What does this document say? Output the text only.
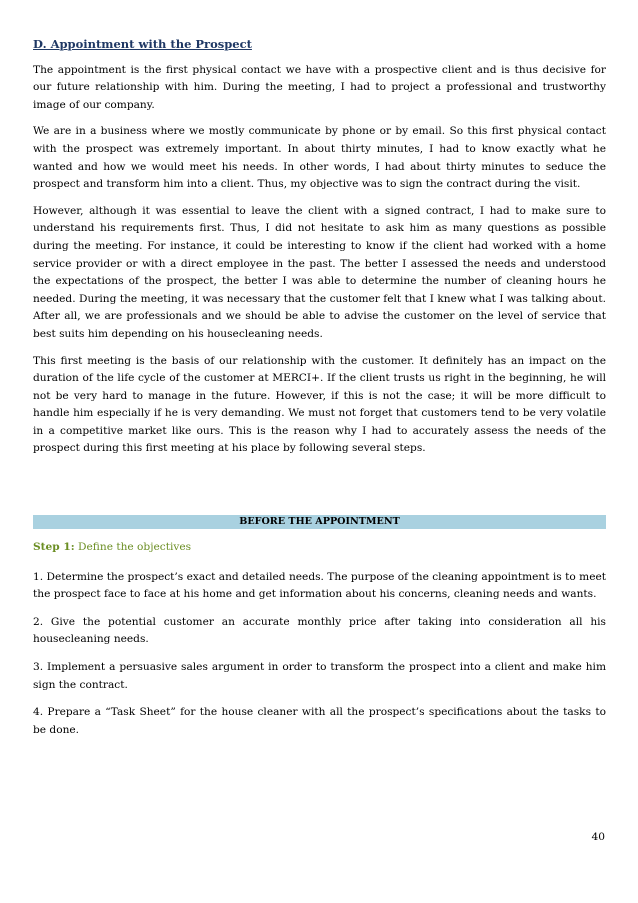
D. Appointment with the Prospect

The appointment is the first physical contact we have with a prospective client and is thus decisive for our future relationship with him. During the meeting, I had to project a professional and trustworthy image of our company.

We are in a business where we mostly communicate by phone or by email. So this first physical contact with the prospect was extremely important. In about thirty minutes, I had to know exactly what he wanted and how we would meet his needs. In other words, I had about thirty minutes to seduce the prospect and transform him into a client. Thus, my objective was to sign the contract during the visit.

However, although it was essential to leave the client with a signed contract, I had to make sure to understand his requirements first. Thus, I did not hesitate to ask him as many questions as possible during the meeting. For instance, it could be interesting to know if the client had worked with a home service provider or with a direct employee in the past. The better I assessed the needs and understood the expectations of the prospect, the better I was able to determine the number of cleaning hours he needed. During the meeting, it was necessary that the customer felt that I knew what I was talking about. After all, we are professionals and we should be able to advise the customer on the level of service that best suits him depending on his housecleaning needs.

This first meeting is the basis of our relationship with the customer. It definitely has an impact on the duration of the life cycle of the customer at MERCI+. If the client trusts us right in the beginning, he will not be very hard to manage in the future. However, if this is not the case; it will be more difficult to handle him especially if he is very demanding. We must not forget that customers tend to be very volatile in a competitive market like ours. This is the reason why I had to accurately assess the needs of the prospect during this first meeting at his place by following several steps.

BEFORE THE APPOINTMENT
Step 1: Define the objectives
1. Determine the prospect’s exact and detailed needs. The purpose of the cleaning appointment is to meet the prospect face to face at his home and get information about his concerns, cleaning needs and wants.
2. Give the potential customer an accurate monthly price after taking into consideration all his housecleaning needs.
3. Implement a persuasive sales argument in order to transform the prospect into a client and make him sign the contract.
4. Prepare a “Task Sheet” for the house cleaner with all the prospect’s specifications about the tasks to be done.
40
